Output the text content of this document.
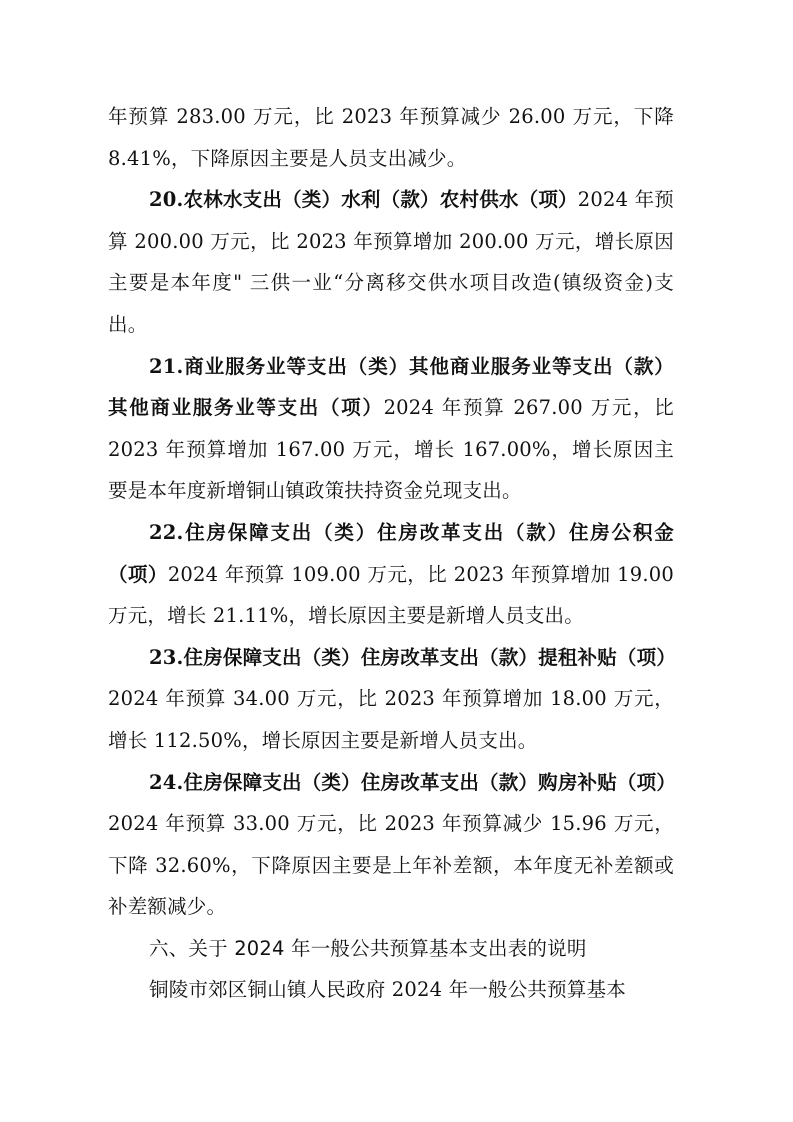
年预算 283.00 万元，比 2023 年预算减少 26.00 万元，下降 8.41%，下降原因主要是人员支出减少。

20.农林水支出（类）水利（款）农村供水（项）2024 年预算 200.00 万元，比 2023 年预算增加 200.00 万元，增长原因主要是本年度" 三供一业“分离移交供水项目改造(镇级资金)支出。

21.商业服务业等支出（类）其他商业服务业等支出（款）其他商业服务业等支出（项）2024 年预算 267.00 万元，比 2023 年预算增加 167.00 万元，增长 167.00%，增长原因主要是本年度新增铜山镇政策扶持资金兑现支出。

22.住房保障支出（类）住房改革支出（款）住房公积金（项）2024 年预算 109.00 万元，比 2023 年预算增加 19.00 万元，增长 21.11%，增长原因主要是新增人员支出。

23.住房保障支出（类）住房改革支出（款）提租补贴（项）2024 年预算 34.00 万元，比 2023 年预算增加 18.00 万元，增长 112.50%，增长原因主要是新增人员支出。

24.住房保障支出（类）住房改革支出（款）购房补贴（项）2024 年预算 33.00 万元，比 2023 年预算减少 15.96 万元，下降 32.60%，下降原因主要是上年补差额，本年度无补差额或补差额减少。

六、关于 2024 年一般公共预算基本支出表的说明

铜陵市郊区铜山镇人民政府 2024 年一般公共预算基本
